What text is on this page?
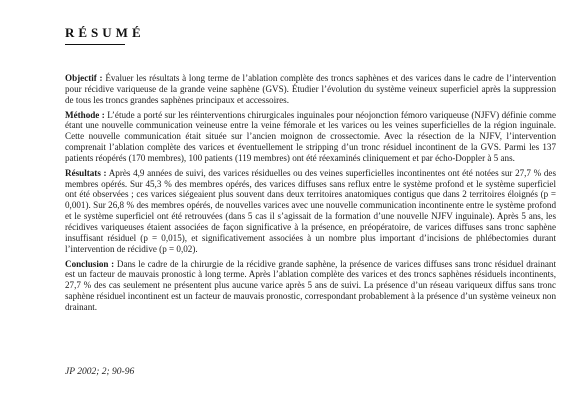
RÉSUMÉ

Objectif : Évaluer les résultats à long terme de l’ablation complète des troncs saphènes et des varices dans le cadre de l’intervention pour récidive variqueuse de la grande veine saphène (GVS). Étudier l’évolution du système veineux superficiel après la suppression de tous les troncs grandes saphènes principaux et accessoires.

Méthode : L’étude a porté sur les réinterventions chirurgicales inguinales pour néojonction fémoro variqueuse (NJFV) définie comme étant une nouvelle communication veineuse entre la veine fémorale et les varices ou les veines superficielles de la région inguinale. Cette nouvelle communication était située sur l’ancien moignon de crossectomie. Avec la résection de la NJFV, l’intervention comprenait l’ablation complète des varices et éventuellement le stripping d’un tronc résiduel incontinent de la GVS. Parmi les 137 patients réopérés (170 membres), 100 patients (119 membres) ont été réexaminés cliniquement et par écho-Doppler à 5 ans.

Résultats : Après 4,9 années de suivi, des varices résiduelles ou des veines superficielles incontinentes ont été notées sur 27,7 % des membres opérés. Sur 45,3 % des membres opérés, des varices diffuses sans reflux entre le système profond et le système superficiel ont été observées ; ces varices siégeaient plus souvent dans deux territoires anatomiques contigus que dans 2 territoires éloignés (p = 0,001). Sur 26,8 % des membres opérés, de nouvelles varices avec une nouvelle communication incontinente entre le système profond et le système superficiel ont été retrouvées (dans 5 cas il s’agissait de la formation d’une nouvelle NJFV inguinale). Après 5 ans, les récidives variqueuses étaient associées de façon significative à la présence, en préopératoire, de varices diffuses sans tronc saphène insuffisant résiduel (p = 0,015), et significativement associées à un nombre plus important d’incisions de phlébectomies durant l’intervention de récidive (p = 0,02).

Conclusion : Dans le cadre de la chirurgie de la récidive grande saphène, la présence de varices diffuses sans tronc résiduel drainant est un facteur de mauvais pronostic à long terme. Après l’ablation complète des varices et des troncs saphènes résiduels incontinents, 27,7 % des cas seulement ne présentent plus aucune varice après 5 ans de suivi. La présence d’un réseau variqueux diffus sans tronc saphène résiduel incontinent est un facteur de mauvais pronostic, correspondant probablement à la présence d’un système veineux non drainant.

JP 2002; 2; 90-96
